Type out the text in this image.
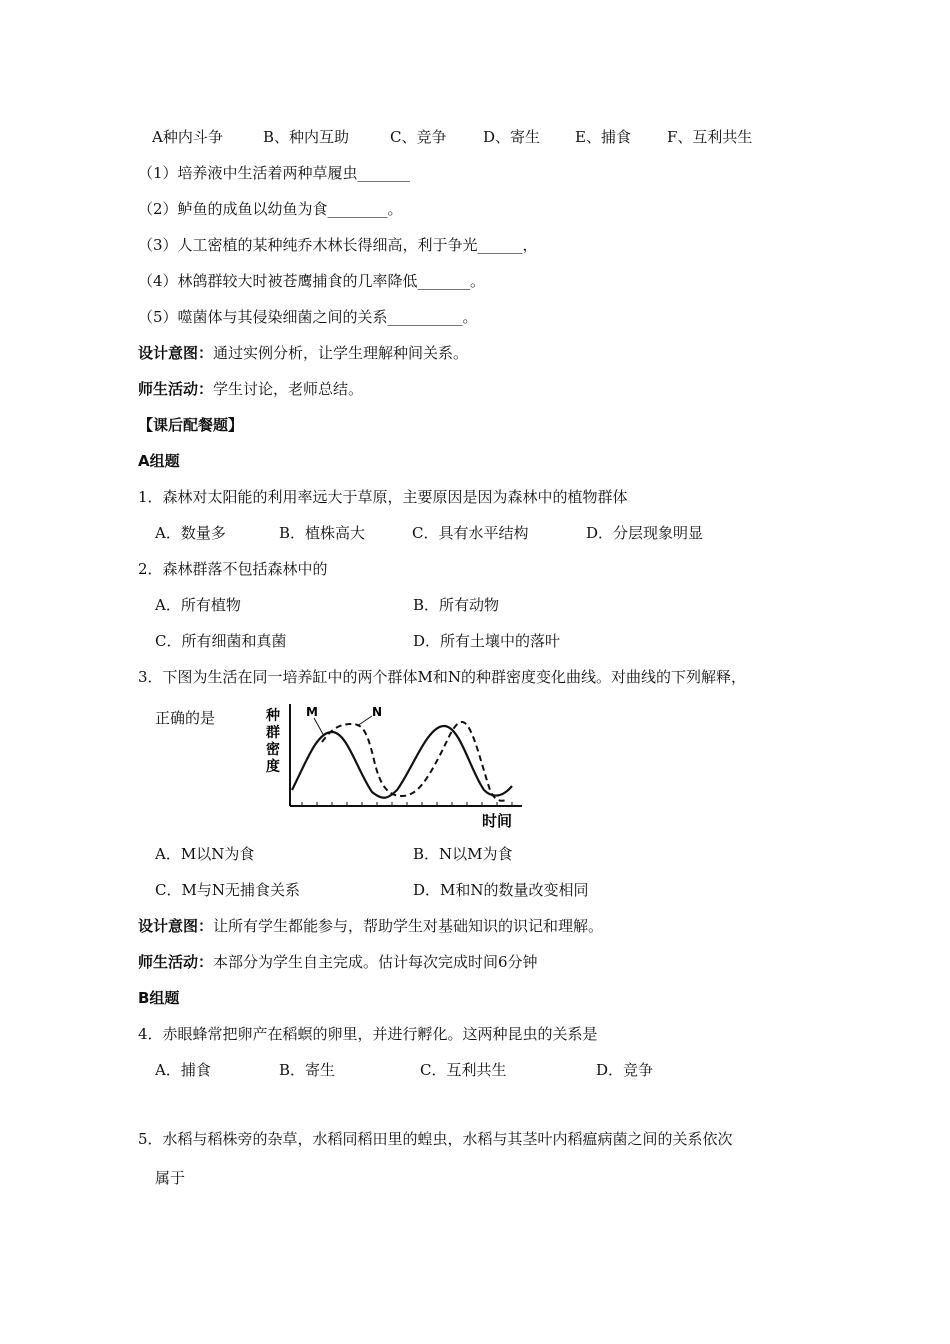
A种内斗争	B、种内互助	C、竞争 D、寄生 E、捕食 F、互利共生
（1）培养液中生活着两种草履虫_______
（2）鲈鱼的成鱼以幼鱼为食________。
（3）人工密植的某种纯乔木林长得细高，利于争光______，
（4）林鸽群较大时被苍鹰捕食的几率降低_______。
（5）噬菌体与其侵染细菌之间的关系__________。
设计意图：通过实例分析，让学生理解种间关系。
师生活动：学生讨论，老师总结。
【课后配餐题】
A组题
1．森林对太阳能的利用率远大于草原，主要原因是因为森林中的植物群体
A．数量多	B．植株高大	C．具有水平结构	D．分层现象明显
2．森林群落不包括森林中的
A．所有植物	B．所有动物
C．所有细菌和真菌	D．所有土壤中的落叶
3．下图为生活在同一培养缸中的两个群体M和N的种群密度变化曲线。对曲线的下列解释，
正确的是	种
群
密
度
M	N
时间
A．M以N为食	B．N以M为食
C．M与N无捕食关系	D．M和N的数量改变相同
设计意图：让所有学生都能参与，帮助学生对基础知识的识记和理解。
师生活动：本部分为学生自主完成。估计每次完成时间6分钟
B组题
4．赤眼蜂常把卵产在稻螟的卵里，并进行孵化。这两种昆虫的关系是
A．捕食	B．寄生	C．互利共生	D．竞争
5．水稻与稻株旁的杂草，水稻同稻田里的蝗虫，水稻与其茎叶内稻瘟病菌之间的关系依次
属于
